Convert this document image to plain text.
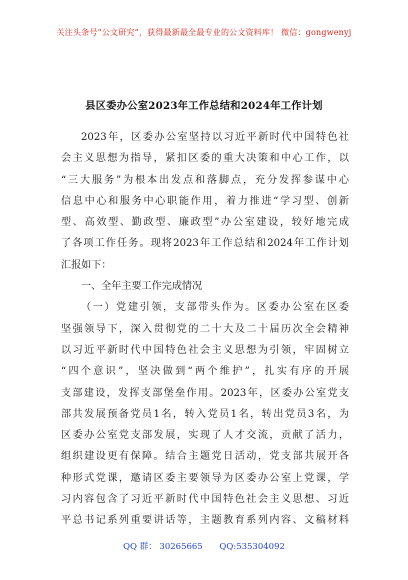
关注头条号“公文研究”，获得最新最全最专业的公文资料库！ 微信：gongwenyj
县区委办公室2023年工作总结和2024年工作计划
2023年，区委办公室坚持以习近平新时代中国特色社
会主义思想为指导，紧扣区委的重大决策和中心工作，以
“三大服务”为根本出发点和落脚点，充分发挥参谋中心
信息中心和服务中心职能作用，着力推进“学习型、创新
型、高效型、勤政型、廉政型”办公室建设，较好地完成
了各项工作任务。现将2023年工作总结和2024年工作计划
汇报如下：
一、全年主要工作完成情况
（一）党建引领，支部带头作为。区委办公室在区委
坚强领导下，深入贯彻党的二十大及二十届历次全会精神
以习近平新时代中国特色社会主义思想为引领，牢固树立
“四个意识”，坚决做到“两个维护”，扎实有序的开展
支部建设，发挥支部堡垒作用。2023年，区委办公室党支
部共发展预备党员1名，转入党员1名，转出党员3名，为
区委办公室党支部发展，实现了人才交流，贡献了活力，
组织建设更有保障。结合主题党日活动，党支部共展开各
种形式党课，邀请区委主要领导为区委办公室上党课，学
习内容包含了习近平新时代中国特色社会主义思想、习近
平总书记系列重要讲话等，主题教育系列内容、文稿材料
QQ 群： 30265665 QQ:535304092
